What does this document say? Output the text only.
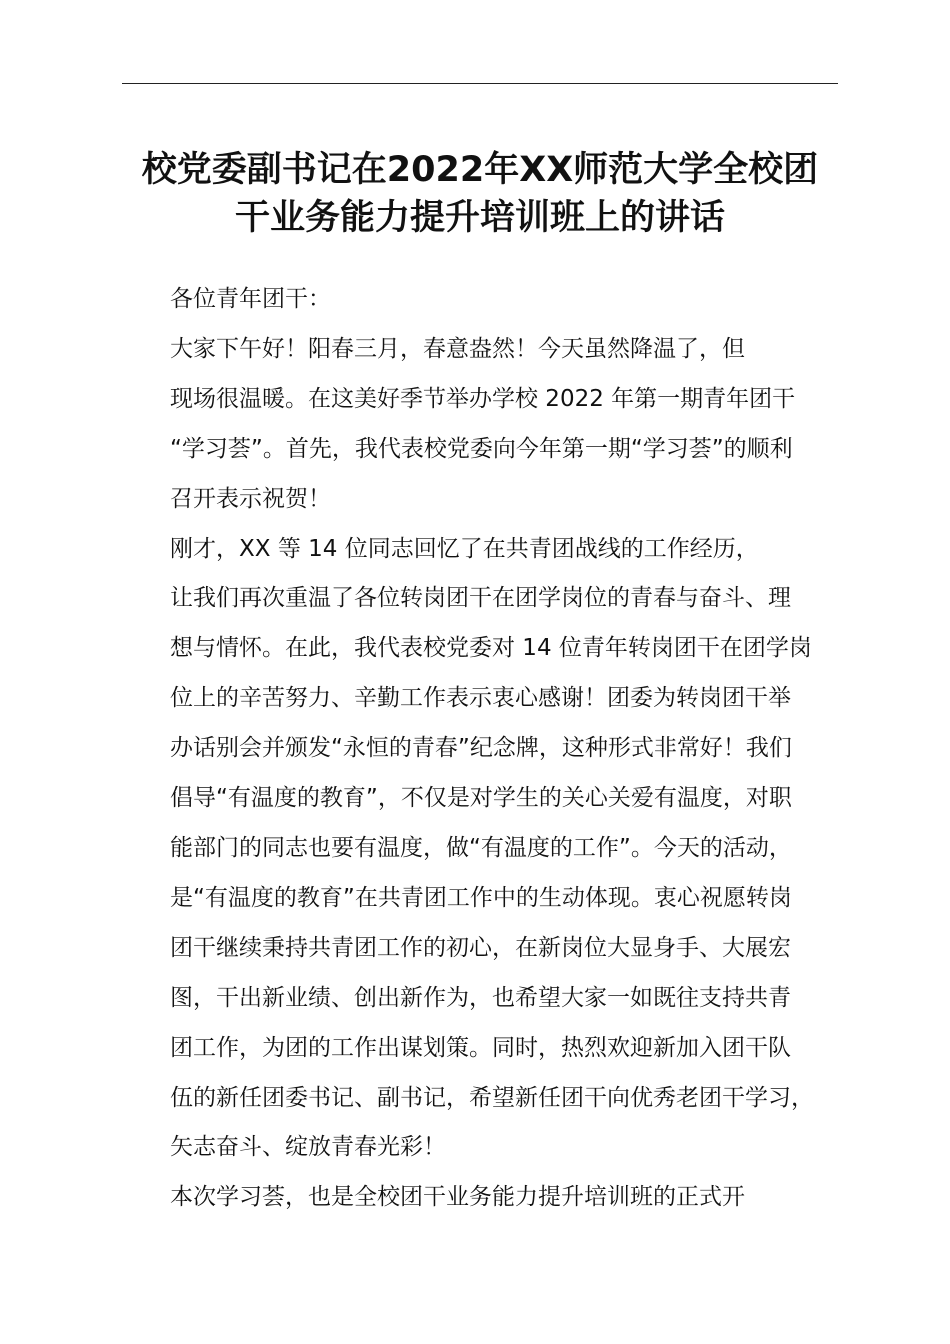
校党委副书记在2022年XX师范大学全校团
干业务能力提升培训班上的讲话

各位青年团干：

大家下午好！阳春三月，春意盎然！今天虽然降温了，但
现场很温暖。在这美好季节举办学校 2022 年第一期青年团干
“学习荟”。首先，我代表校党委向今年第一期“学习荟”的顺利
召开表示祝贺！

刚才，XX 等 14 位同志回忆了在共青团战线的工作经历，
让我们再次重温了各位转岗团干在团学岗位的青春与奋斗、理
想与情怀。在此，我代表校党委对 14 位青年转岗团干在团学岗
位上的辛苦努力、辛勤工作表示衷心感谢！团委为转岗团干举
办话别会并颁发“永恒的青春”纪念牌，这种形式非常好！我们
倡导“有温度的教育”，不仅是对学生的关心关爱有温度，对职
能部门的同志也要有温度，做“有温度的工作”。今天的活动，
是“有温度的教育”在共青团工作中的生动体现。衷心祝愿转岗
团干继续秉持共青团工作的初心，在新岗位大显身手、大展宏
图，干出新业绩、创出新作为，也希望大家一如既往支持共青
团工作，为团的工作出谋划策。同时，热烈欢迎新加入团干队
伍的新任团委书记、副书记，希望新任团干向优秀老团干学习，
矢志奋斗、绽放青春光彩！

本次学习荟，也是全校团干业务能力提升培训班的正式开
